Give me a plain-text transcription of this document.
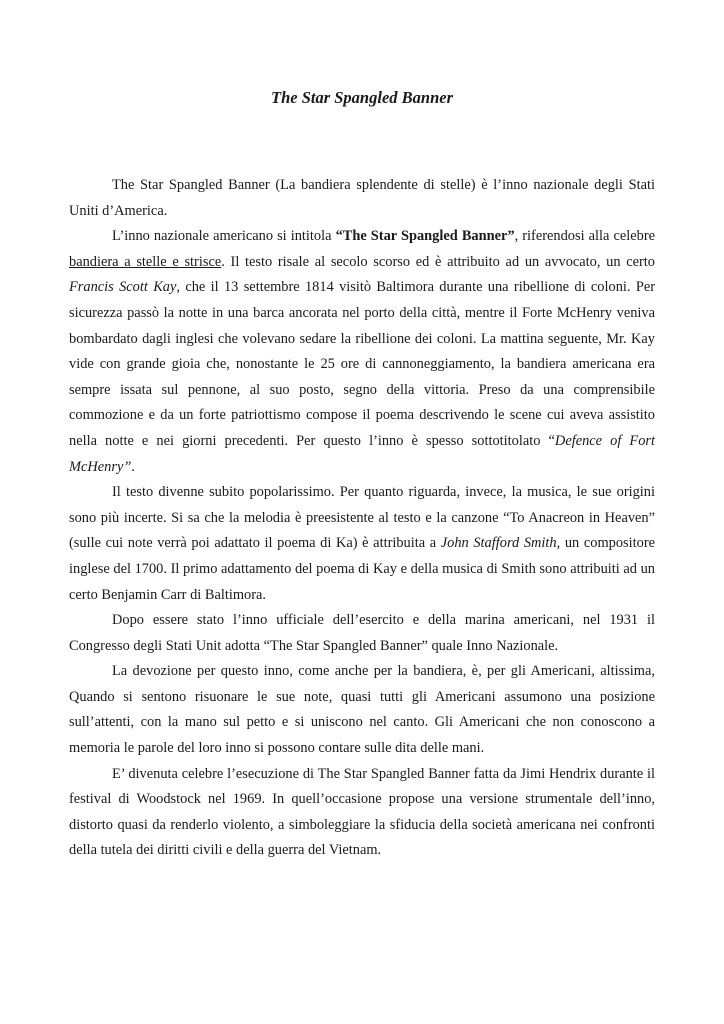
The Star Spangled Banner

The Star Spangled Banner (La bandiera splendente di stelle) è l’inno nazionale degli Stati Uniti d’America.

L’inno nazionale americano si intitola “The Star Spangled Banner”, riferendosi alla celebre bandiera a stelle e strisce. Il testo risale al secolo scorso ed è attribuito ad un avvocato, un certo Francis Scott Kay, che il 13 settembre 1814 visitò Baltimora durante una ribellione di coloni. Per sicurezza passò la notte in una barca ancorata nel porto della città, mentre il Forte McHenry veniva bombardato dagli inglesi che volevano sedare la ribellione dei coloni. La mattina seguente, Mr. Kay vide con grande gioia che, nonostante le 25 ore di cannoneggiamento, la bandiera americana era sempre issata sul pennone, al suo posto, segno della vittoria. Preso da una comprensibile commozione e da un forte patriottismo compose il poema descrivendo le scene cui aveva assistito nella notte e nei giorni precedenti. Per questo l’inno è spesso sottotitolato “Defence of Fort McHenry”.

Il testo divenne subito popolarissimo. Per quanto riguarda, invece, la musica, le sue origini sono più incerte. Si sa che la melodia è preesistente al testo e la canzone “To Anacreon in Heaven” (sulle cui note verrà poi adattato il poema di Ka) è attribuita a John Stafford Smith, un compositore inglese del 1700. Il primo adattamento del poema di Kay e della musica di Smith sono attribuiti ad un certo Benjamin Carr di Baltimora.

Dopo essere stato l’inno ufficiale dell’esercito e della marina americani, nel 1931 il Congresso degli Stati Unit adotta “The Star Spangled Banner” quale Inno Nazionale.

La devozione per questo inno, come anche per la bandiera, è, per gli Americani, altissima, Quando si sentono risuonare le sue note, quasi tutti gli Americani assumono una posizione sull’attenti, con la mano sul petto e si uniscono nel canto. Gli Americani che non conoscono a memoria le parole del loro inno si possono contare sulle dita delle mani.

E’ divenuta celebre l’esecuzione di The Star Spangled Banner fatta da Jimi Hendrix durante il festival di Woodstock nel 1969. In quell’occasione propose una versione strumentale dell’inno, distorto quasi da renderlo violento, a simboleggiare la sfiducia della società americana nei confronti della tutela dei diritti civili e della guerra del Vietnam.
